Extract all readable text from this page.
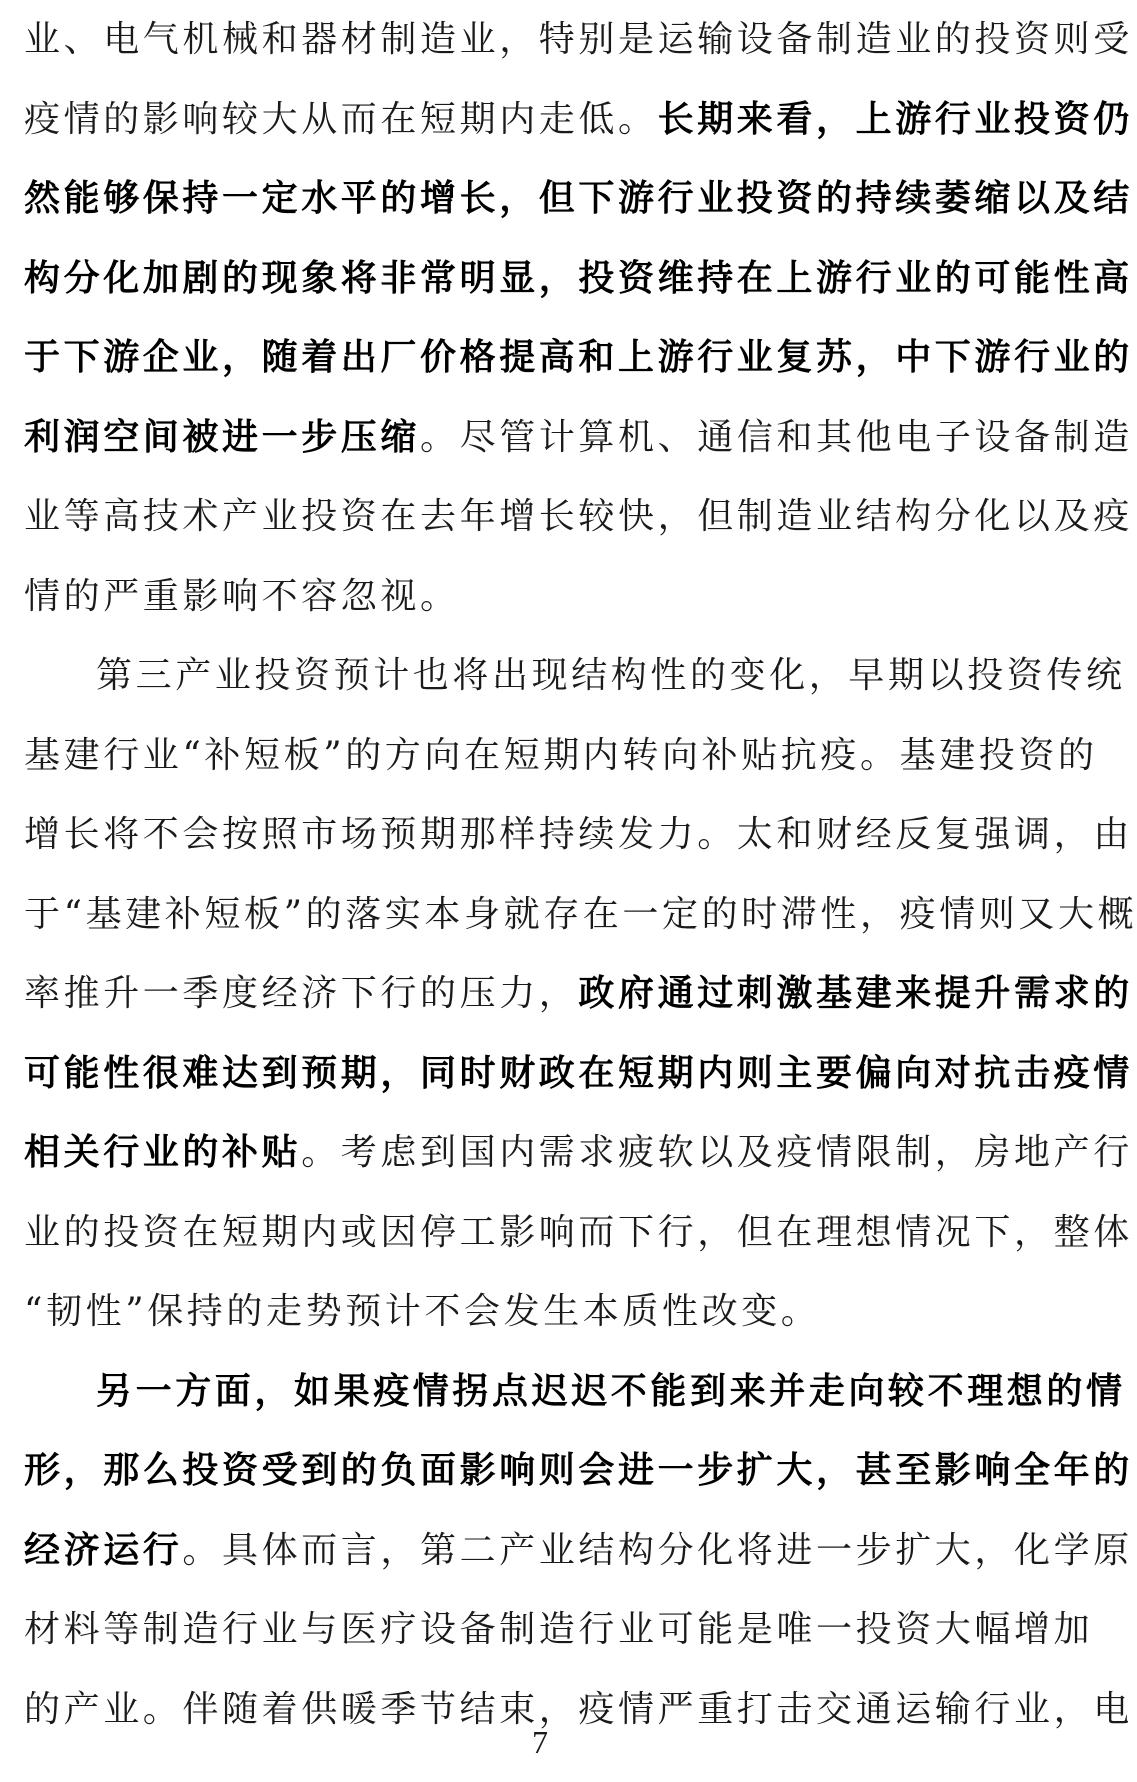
业、电气机械和器材制造业，特别是运输设备制造业的投资则受
疫情的影响较大从而在短期内走低。长期来看，上游行业投资仍
然能够保持一定水平的增长，但下游行业投资的持续萎缩以及结
构分化加剧的现象将非常明显，投资维持在上游行业的可能性高
于下游企业，随着出厂价格提高和上游行业复苏，中下游行业的
利润空间被进一步压缩。尽管计算机、通信和其他电子设备制造
业等高技术产业投资在去年增长较快，但制造业结构分化以及疫
情的严重影响不容忽视。
第三产业投资预计也将出现结构性的变化，早期以投资传统
基建行业“补短板”的方向在短期内转向补贴抗疫。基建投资的
增长将不会按照市场预期那样持续发力。太和财经反复强调，由
于“基建补短板”的落实本身就存在一定的时滞性，疫情则又大概
率推升一季度经济下行的压力，政府通过刺激基建来提升需求的
可能性很难达到预期，同时财政在短期内则主要偏向对抗击疫情
相关行业的补贴。考虑到国内需求疲软以及疫情限制，房地产行
业的投资在短期内或因停工影响而下行，但在理想情况下，整体
“韧性”保持的走势预计不会发生本质性改变。
另一方面，如果疫情拐点迟迟不能到来并走向较不理想的情
形，那么投资受到的负面影响则会进一步扩大，甚至影响全年的
经济运行。具体而言，第二产业结构分化将进一步扩大，化学原
材料等制造行业与医疗设备制造行业可能是唯一投资大幅增加
的产业。伴随着供暖季节结束，疫情严重打击交通运输行业，电
7
